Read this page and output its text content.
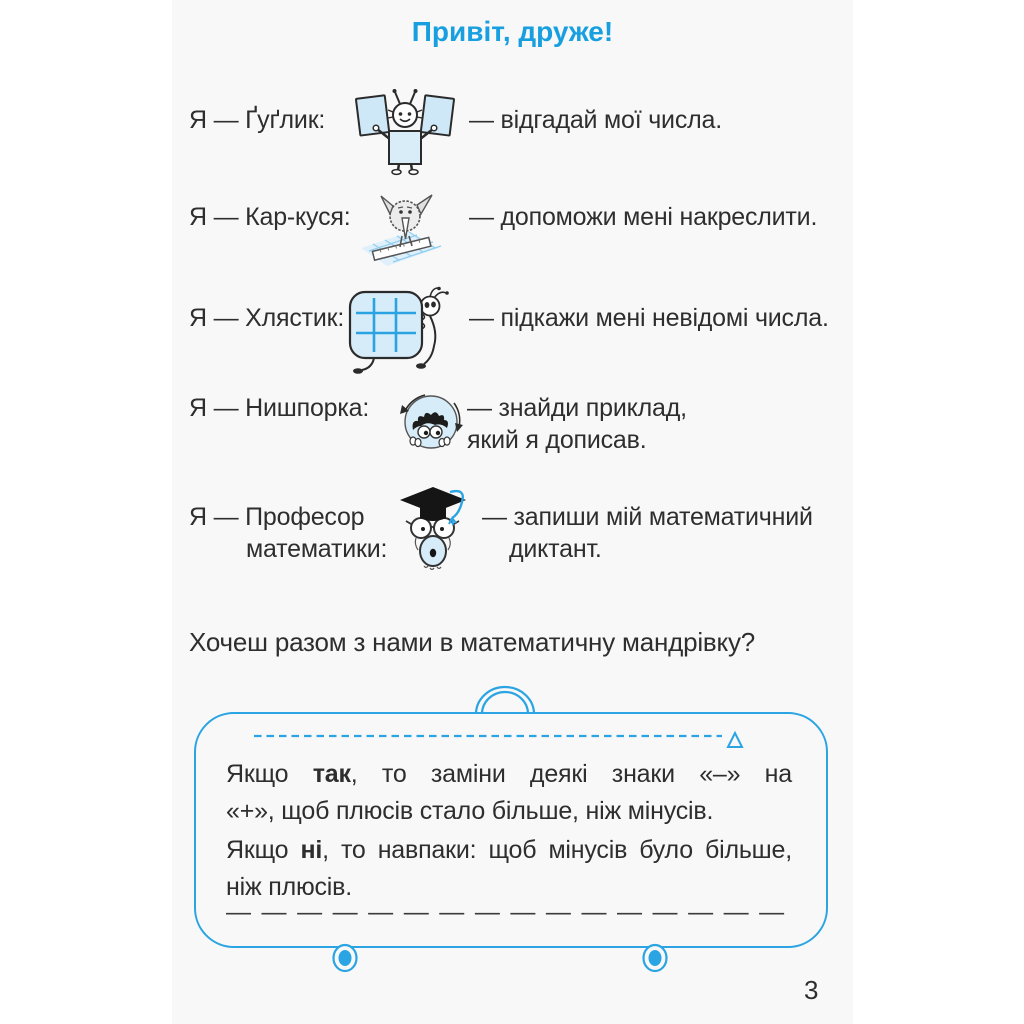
Привіт, друже!
Я — Ґуґлик:	— відгадай мої числа.
Я — Кар-куся:	— допоможи мені накреслити.
Я — Хлястик:	— підкажи мені невідомі числа.
Я — Нишпорка:	— знайди приклад,
який я дописав.
Я — Професор
математики:
— запиши мій математичний
диктант.
Хочеш разом з нами в математичну мандрівку?
Якщо так, то заміни деякі знаки «–» на
«+», щоб плюсів стало більше, ніж мінусів.
Якщо ні, то навпаки: щоб мінусів було більше,
ніж плюсів.
— — — — — — — — — — — — — — — —
3
